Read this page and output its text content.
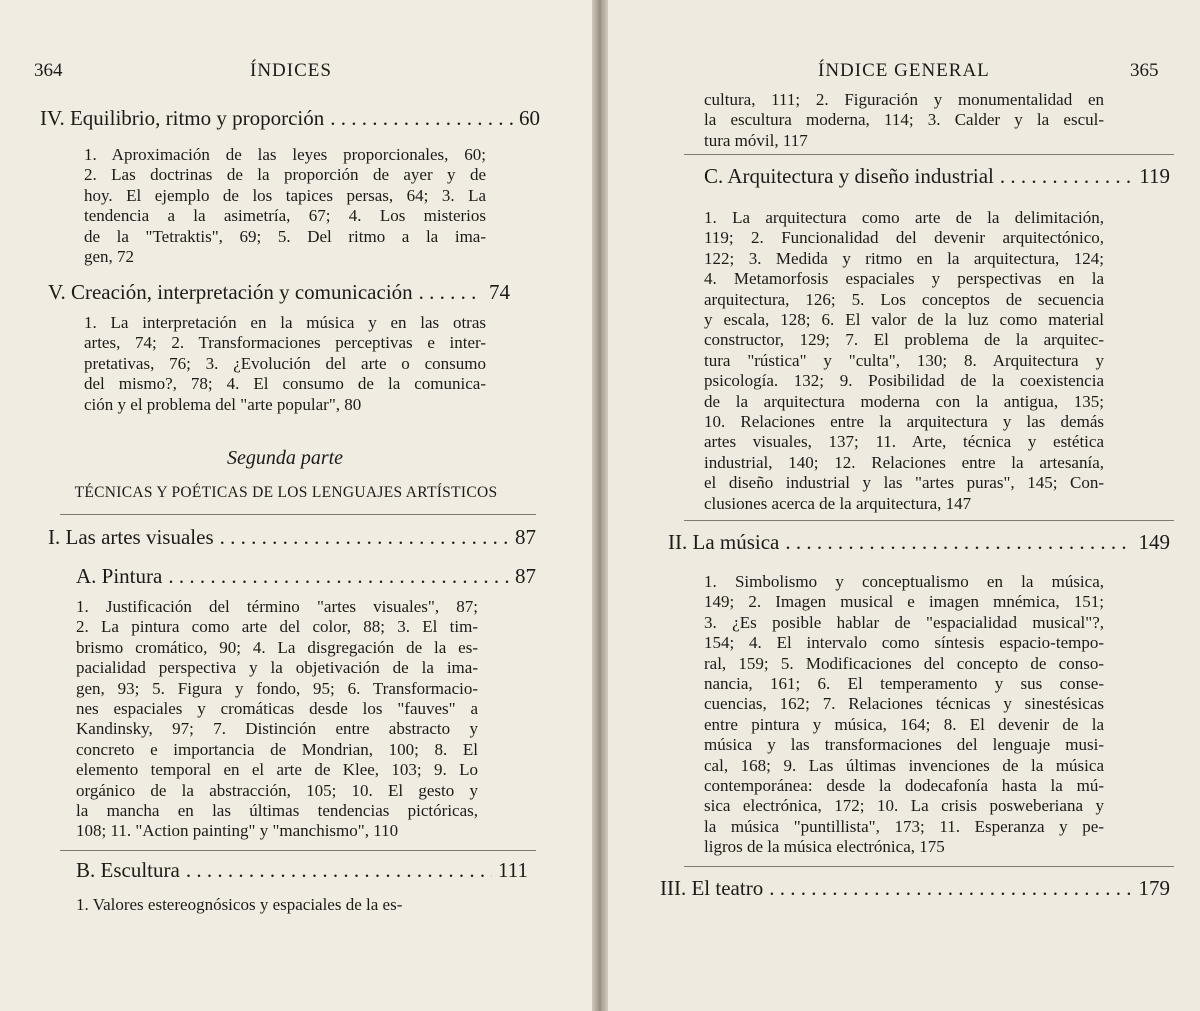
364	ÍNDICES
IV. Equilibrio, ritmo y proporción . . .	60
1. Aproximación de las leyes proporcionales, 60;
2. Las doctrinas de la proporción de ayer y de
hoy. El ejemplo de los tapices persas, 64; 3. La
tendencia a la asimetría, 67; 4. Los misterios
de la "Tetraktis", 69; 5. Del ritmo a la ima-
gen, 72
V. Creación, interpretación y comunicación . . .	74
1. La interpretación en la música y en las otras
artes, 74; 2. Transformaciones perceptivas e inter-
pretativas, 76; 3. ¿Evolución del arte o consumo
del mismo?, 78; 4. El consumo de la comunica-
ción y el problema del "arte popular", 80
Segunda parte
TÉCNICAS Y POÉTICAS DE LOS LENGUAJES ARTÍSTICOS
I. Las artes visuales . . .	87
A. Pintura . . .	87
1. Justificación del término "artes visuales", 87;
2. La pintura como arte del color, 88; 3. El tim-
brismo cromático, 90; 4. La disgregación de la es-
pacialidad perspectiva y la objetivación de la ima-
gen, 93; 5. Figura y fondo, 95; 6. Transformacio-
nes espaciales y cromáticas desde los "fauves" a
Kandinsky, 97; 7. Distinción entre abstracto y
concreto e importancia de Mondrian, 100; 8. El
elemento temporal en el arte de Klee, 103; 9. Lo
orgánico de la abstracción, 105; 10. El gesto y
la mancha en las últimas tendencias pictóricas,
108; 11. "Action painting" y "manchismo", 110
B. Escultura . . .	111
1. Valores estereognósicos y espaciales de la es-
ÍNDICE GENERAL	365
cultura, 111; 2. Figuración y monumentalidad en
la escultura moderna, 114; 3. Calder y la escul-
tura móvil, 117
C. Arquitectura y diseño industrial . . .	119
1. La arquitectura como arte de la delimitación,
119; 2. Funcionalidad del devenir arquitectónico,
122; 3. Medida y ritmo en la arquitectura, 124;
4. Metamorfosis espaciales y perspectivas en la
arquitectura, 126; 5. Los conceptos de secuencia
y escala, 128; 6. El valor de la luz como material
constructor, 129; 7. El problema de la arquitec-
tura "rústica" y "culta", 130; 8. Arquitectura y
psicología. 132; 9. Posibilidad de la coexistencia
de la arquitectura moderna con la antigua, 135;
10. Relaciones entre la arquitectura y las demás
artes visuales, 137; 11. Arte, técnica y estética
industrial, 140; 12. Relaciones entre la artesanía,
el diseño industrial y las "artes puras", 145; Con-
clusiones acerca de la arquitectura, 147
II. La música . . .	149
1. Simbolismo y conceptualismo en la música,
149; 2. Imagen musical e imagen mnémica, 151;
3. ¿Es posible hablar de "espacialidad musical"?,
154; 4. El intervalo como síntesis espacio-tempo-
ral, 159; 5. Modificaciones del concepto de conso-
nancia, 161; 6. El temperamento y sus conse-
cuencias, 162; 7. Relaciones técnicas y sinestésicas
entre pintura y música, 164; 8. El devenir de la
música y las transformaciones del lenguaje musi-
cal, 168; 9. Las últimas invenciones de la música
contemporánea: desde la dodecafonía hasta la mú-
sica electrónica, 172; 10. La crisis posweberiana y
la música "puntillista", 173; 11. Esperanza y pe-
ligros de la música electrónica, 175
III. El teatro . . .	179
